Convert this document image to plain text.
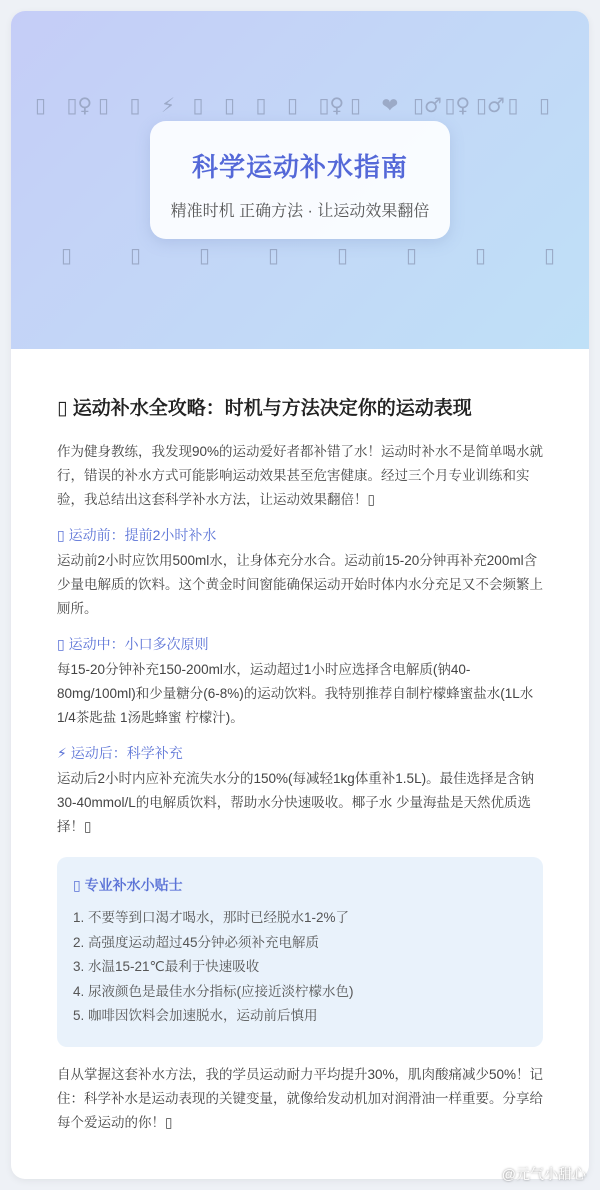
▯ ▯♀ ▯ ▯ ⚡ ▯ ▯ ▯ ▯ ▯♀ ▯ ❤ ▯♂ ▯♀ ▯♂ ▯ ▯
▯	▯	▯	▯	▯	▯	▯	▯
科学运动补水指南

精准时机 正确方法 · 让运动效果翻倍

▯ 运动补水全攻略：时机与方法决定你的运动表现
作为健身教练，我发现90%的运动爱好者都补错了水！运动时补水不是简单喝水就
行，错误的补水方式可能影响运动效果甚至危害健康。经过三个月专业训练和实
验，我总结出这套科学补水方法，让运动效果翻倍！▯
▯ 运动前：提前2小时补水
运动前2小时应饮用500ml水，让身体充分水合。运动前15-20分钟再补充200ml含
少量电解质的饮料。这个黄金时间窗能确保运动开始时体内水分充足又不会频繁上
厕所。
▯ 运动中：小口多次原则
每15-20分钟补充150-200ml水，运动超过1小时应选择含电解质(钠40-
80mg/100ml)和少量糖分(6-8%)的运动饮料。我特别推荐自制柠檬蜂蜜盐水(1L水
1/4茶匙盐 1汤匙蜂蜜 柠檬汁)。
⚡ 运动后：科学补充
运动后2小时内应补充流失水分的150%(每减轻1kg体重补1.5L)。最佳选择是含钠
30-40mmol/L的电解质饮料，帮助水分快速吸收。椰子水 少量海盐是天然优质选
择！▯
▯ 专业补水小贴士
1. 不要等到口渴才喝水，那时已经脱水1-2%了
2. 高强度运动超过45分钟必须补充电解质
3. 水温15-21℃最利于快速吸收
4. 尿液颜色是最佳水分指标(应接近淡柠檬水色)
5. 咖啡因饮料会加速脱水，运动前后慎用
自从掌握这套补水方法，我的学员运动耐力平均提升30%，肌肉酸痛减少50%！记
住：科学补水是运动表现的关键变量，就像给发动机加对润滑油一样重要。分享给
每个爱运动的你！▯
@元气小甜心
